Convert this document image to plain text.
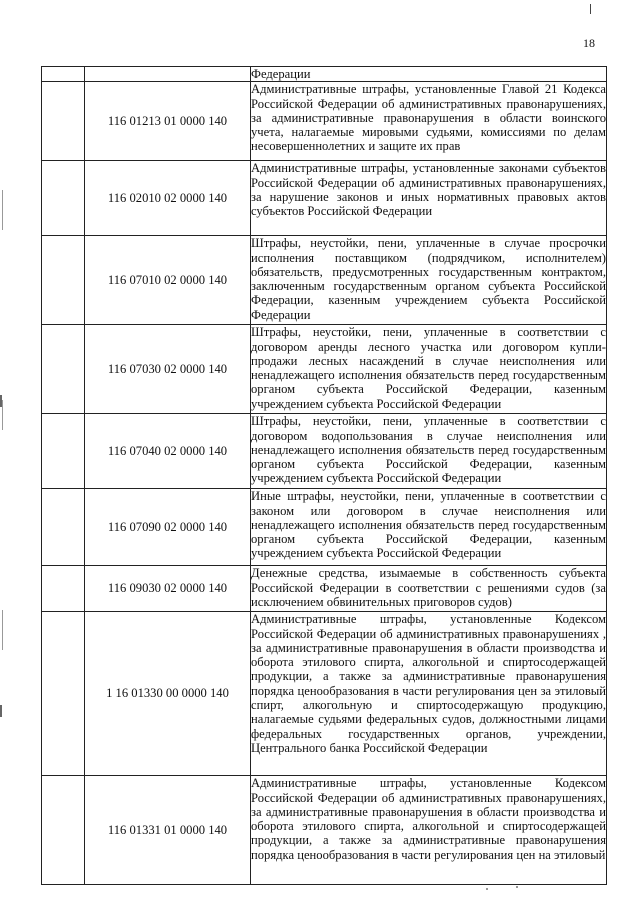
18

		Федерации

116 01213 01 0000 140	Административные штрафы, установленные Главой 21 Кодекса Российской Федерации об административных правонарушениях, за административные правонарушения в области воинского учета, налагаемые мировыми судьями, комиссиями по делам несовершеннолетних и защите их прав

116 02010 02 0000 140	Административные штрафы, установленные законами субъектов Российской Федерации об административных правонарушениях, за нарушение законов и иных нормативных правовых актов субъектов Российской Федерации

116 07010 02 0000 140	Штрафы, неустойки, пени, уплаченные в случае просрочки исполнения поставщиком (подрядчиком, исполнителем) обязательств, предусмотренных государственным контрактом, заключенным государственным органом субъекта Российской Федерации, казенным учреждением субъекта Российской Федерации

116 07030 02 0000 140	Штрафы, неустойки, пени, уплаченные в соответствии с договором аренды лесного участка или договором купли-продажи лесных насаждений в случае неисполнения или ненадлежащего исполнения обязательств перед государственным органом субъекта Российской Федерации, казенным учреждением субъекта Российской Федерации

116 07040 02 0000 140	Штрафы, неустойки, пени, уплаченные в соответствии с договором водопользования в случае неисполнения или ненадлежащего исполнения обязательств перед государственным органом субъекта Российской Федерации, казенным учреждением субъекта Российской Федерации

116 07090 02 0000 140	Иные штрафы, неустойки, пени, уплаченные в соответствии с законом или договором в случае неисполнения или ненадлежащего исполнения обязательств перед государственным органом субъекта Российской Федерации, казенным учреждением субъекта Российской Федерации

116 09030 02 0000 140	Денежные средства, изымаемые в собственность субъекта Российской Федерации в соответствии с решениями судов (за исключением обвинительных приговоров судов)

1 16 01330 00 0000 140	Административные штрафы, установленные Кодексом Российской Федерации об административных правонарушениях , за административные правонарушения в области производства и оборота этилового спирта, алкогольной и спиртосодержащей продукции, а также за административные правонарушения порядка ценообразования в части регулирования цен за этиловый спирт, алкогольную и спиртосодержащую продукцию, налагаемые судьями федеральных судов, должностными лицами федеральных государственных органов, учреждении, Центрального банка Российской Федерации

116 01331 01 0000 140	Административные штрафы, установленные Кодексом Российской Федерации об административных правонарушениях, за административные правонарушения в области производства и оборота этилового спирта, алкогольной и спиртосодержащей продукции, а также за административные правонарушения порядка ценообразования в части регулирования цен на этиловый
